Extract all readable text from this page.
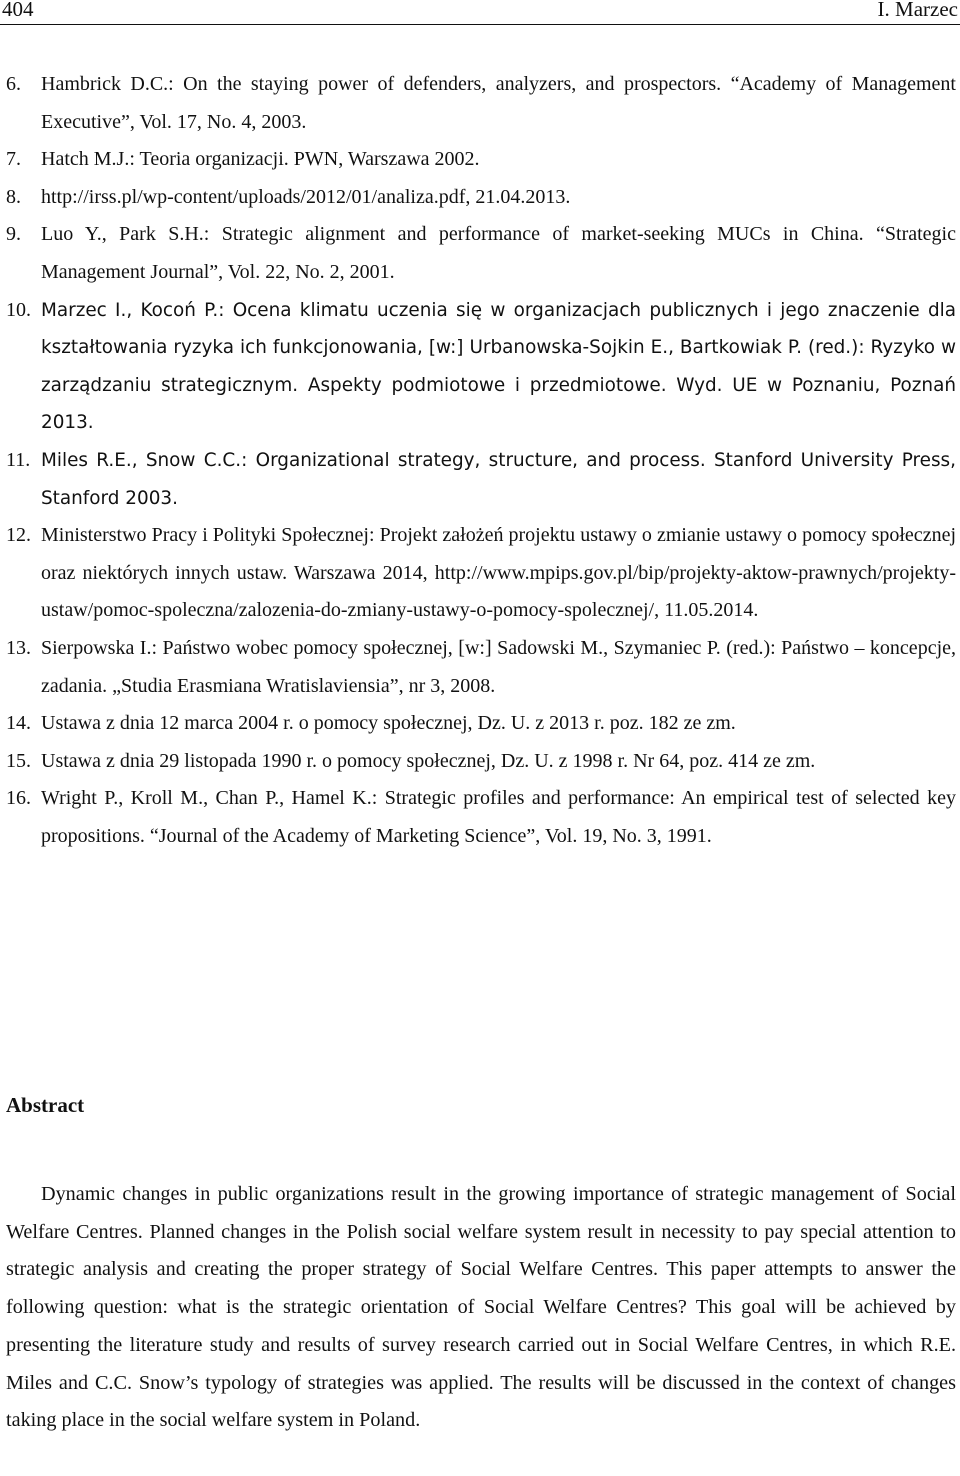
404	I. Marzec
6.	Hambrick D.C.: On the staying power of defenders, analyzers, and prospectors. “Academy of Management Executive”, Vol. 17, No. 4, 2003.
7.	Hatch M.J.: Teoria organizacji. PWN, Warszawa 2002.
8.	http://irss.pl/wp-content/uploads/2012/01/analiza.pdf, 21.04.2013.
9.	Luo Y., Park S.H.: Strategic alignment and performance of market-seeking MUCs in China. “Strategic Management Journal”, Vol. 22, No. 2, 2001.
10. Marzec I., Kocoń P.: Ocena klimatu uczenia się w organizacjach publicznych i jego znaczenie dla kształtowania ryzyka ich funkcjonowania, [w:] Urbanowska-Sojkin E., Bartkowiak P. (red.): Ryzyko w zarządzaniu strategicznym. Aspekty podmiotowe i przedmiotowe. Wyd. UE w Poznaniu, Poznań 2013.
11. Miles R.E., Snow C.C.: Organizational strategy, structure, and process. Stanford University Press, Stanford 2003.
12. Ministerstwo Pracy i Polityki Społecznej: Projekt założeń projektu ustawy o zmianie ustawy o pomocy społecznej oraz niektórych innych ustaw. Warszawa 2014, http://www.mpips.gov.pl/bip/projekty-aktow-prawnych/projekty-ustaw/pomoc-spoleczna/zalozenia-do-zmiany-ustawy-o-pomocy-spolecznej/, 11.05.2014.
13. Sierpowska I.: Państwo wobec pomocy społecznej, [w:] Sadowski M., Szymaniec P. (red.): Państwo – koncepcje, zadania. „Studia Erasmiana Wratislaviensia”, nr 3, 2008.
14. Ustawa z dnia 12 marca 2004 r. o pomocy społecznej, Dz. U. z 2013 r. poz. 182 ze zm.
15. Ustawa z dnia 29 listopada 1990 r. o pomocy społecznej, Dz. U. z 1998 r. Nr 64, poz. 414 ze zm.
16. Wright P., Kroll M., Chan P., Hamel K.: Strategic profiles and performance: An empirical test of selected key propositions. “Journal of the Academy of Marketing Science”, Vol. 19, No. 3, 1991.
Abstract
Dynamic changes in public organizations result in the growing importance of strategic management of Social Welfare Centres. Planned changes in the Polish social welfare system result in necessity to pay special attention to strategic analysis and creating the proper strategy of Social Welfare Centres. This paper attempts to answer the following question: what is the strategic orientation of Social Welfare Centres? This goal will be achieved by presenting the literature study and results of survey research carried out in Social Welfare Centres, in which R.E. Miles and C.C. Snow’s typology of strategies was applied. The results will be discussed in the context of changes taking place in the social welfare system in Poland.
